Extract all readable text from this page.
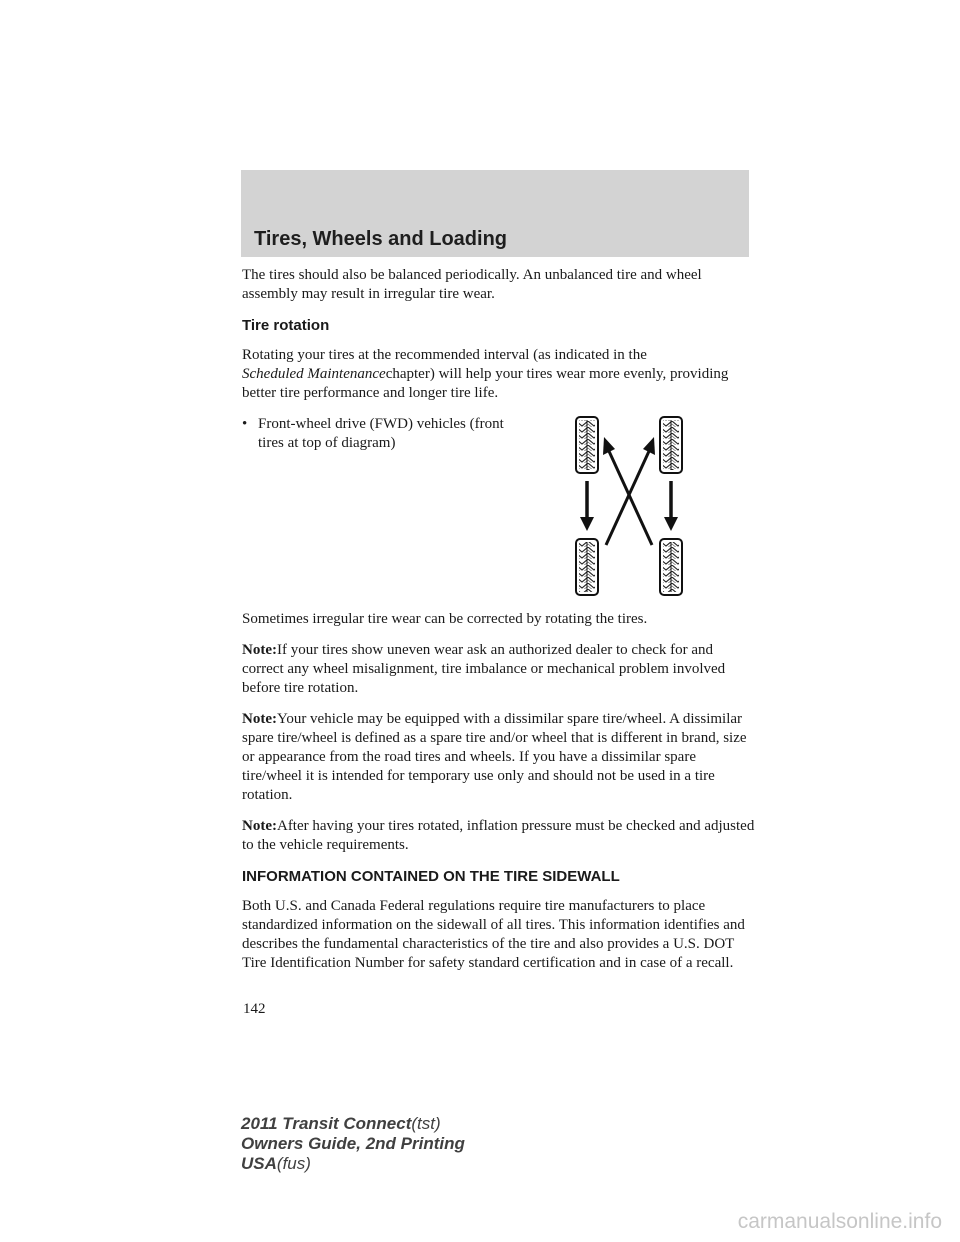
Tires, Wheels and Loading

The tires should also be balanced periodically. An unbalanced tire and wheel assembly may result in irregular tire wear.

Tire rotation

Rotating your tires at the recommended interval (as indicated in the
Scheduled Maintenancechapter) will help your tires wear more evenly, providing better tire performance and longer tire life.

• Front-wheel drive (FWD) vehicles (front tires at top of diagram)

Sometimes irregular tire wear can be corrected by rotating the tires.

Note:If your tires show uneven wear ask an authorized dealer to check for and correct any wheel misalignment, tire imbalance or mechanical problem involved before tire rotation.

Note:Your vehicle may be equipped with a dissimilar spare tire/wheel. A dissimilar spare tire/wheel is defined as a spare tire and/or wheel that is different in brand, size or appearance from the road tires and wheels. If you have a dissimilar spare tire/wheel it is intended for temporary use only and should not be used in a tire rotation.

Note:After having your tires rotated, inflation pressure must be checked and adjusted to the vehicle requirements.

INFORMATION CONTAINED ON THE TIRE SIDEWALL

Both U.S. and Canada Federal regulations require tire manufacturers to place standardized information on the sidewall of all tires. This information identifies and describes the fundamental characteristics of the tire and also provides a U.S. DOT Tire Identification Number for safety standard certification and in case of a recall.

142
2011 Transit Connect(tst)
Owners Guide, 2nd Printing
USA(fus)
carmanualsonline.info
